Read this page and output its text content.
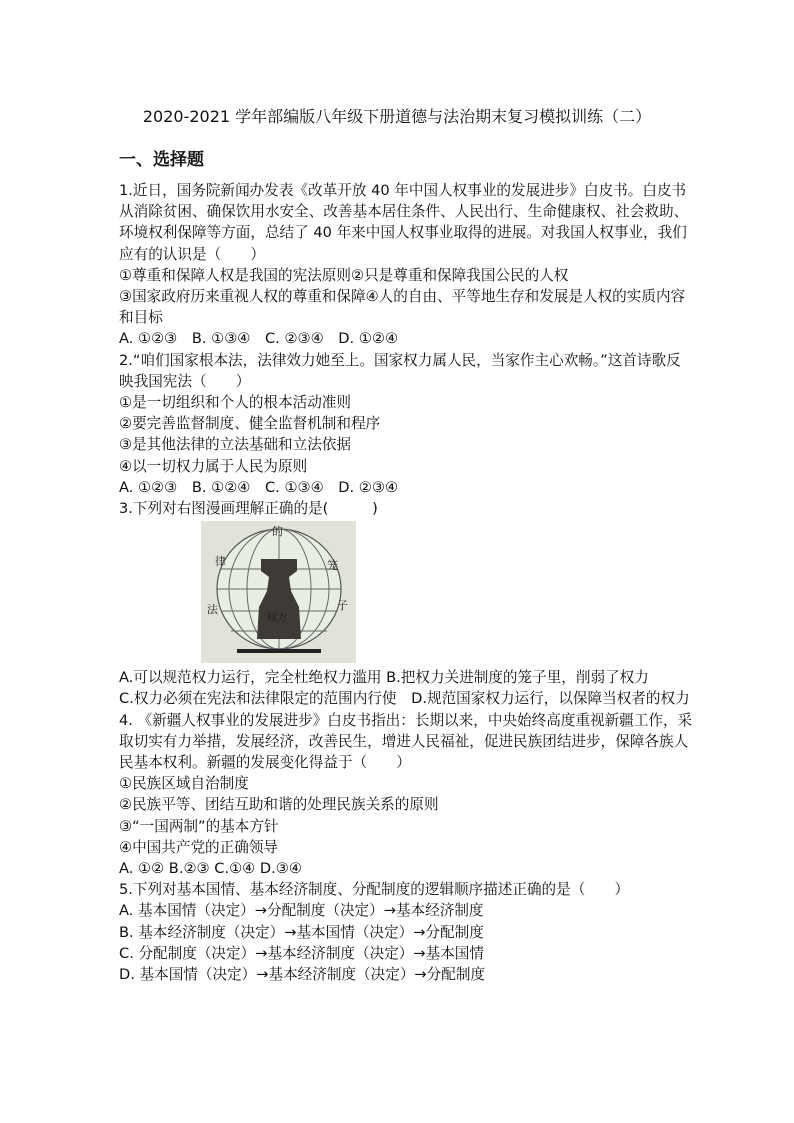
2020-2021 学年部编版八年级下册道德与法治期末复习模拟训练（二）
一、选择题

1.近日，国务院新闻办发表《改革开放 40 年中国人权事业的发展进步》白皮书。白皮书从消除贫困、确保饮用水安全、改善基本居住条件、人民出行、生命健康权、社会救助、环境权利保障等方面，总结了 40 年来中国人权事业取得的进展。对我国人权事业，我们应有的认识是（　　）

①尊重和保障人权是我国的宪法原则②只是尊重和保障我国公民的人权

③国家政府历来重视人权的尊重和保障④人的自由、平等地生存和发展是人权的实质内容和目标

A. ①②③　B. ①③④　C. ②③④　D. ①②④

2.“咱们国家根本法，法律效力她至上。国家权力属人民，当家作主心欢畅。”这首诗歌反映我国宪法（　　）

①是一切组织和个人的根本活动准则

②要完善监督制度、健全监督机制和程序

③是其他法律的立法基础和立法依据

④以一切权力属于人民为原则

A. ①②③　B. ①②④　C. ①③④　D. ②③④

3.下列对右图漫画理解正确的是(　　　)

的
律	笼
法	子
权力

A.可以规范权力运行，完全杜绝权力滥用 B.把权力关进制度的笼子里，削弱了权力

C.权力必须在宪法和法律限定的范围内行使　D.规范国家权力运行，以保障当权者的权力

4. 《新疆人权事业的发展进步》白皮书指出：长期以来，中央始终高度重视新疆工作，采取切实有力举措，发展经济，改善民生，增进人民福祉，促进民族团结进步，保障各族人民基本权利。新疆的发展变化得益于（　　）

①民族区域自治制度

②民族平等、团结互助和谐的处理民族关系的原则

③“一国两制”的基本方针

④中国共产党的正确领导

A. ①② B.②③ C.①④ D.③④

5.下列对基本国情、基本经济制度、分配制度的逻辑顺序描述正确的是（　　）

A. 基本国情（决定）→分配制度（决定）→基本经济制度

B. 基本经济制度（决定）→基本国情（决定）→分配制度

C. 分配制度（决定）→基本经济制度（决定）→基本国情

D. 基本国情（决定）→基本经济制度（决定）→分配制度
